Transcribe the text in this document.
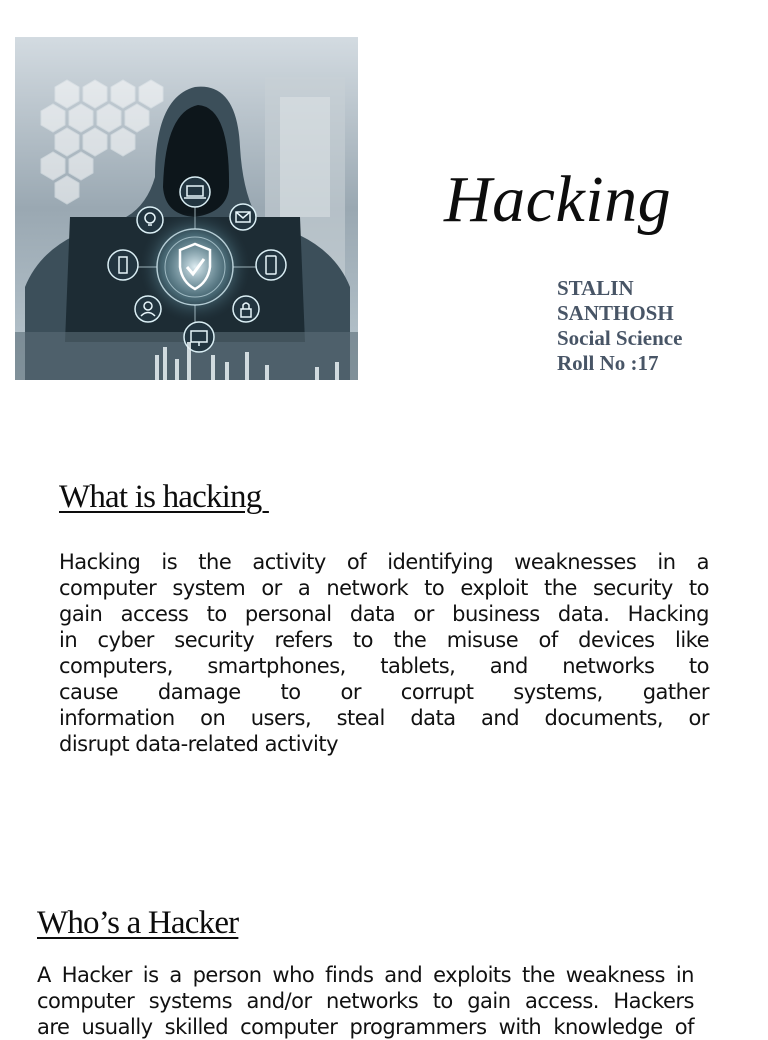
Hacking
STALIN
SANTHOSH
Social Science
Roll No :17
What is hacking
Hacking is the activity of identifying weaknesses in a
computer system or a network to exploit the security to
gain access to personal data or business data. Hacking
in cyber security refers to the misuse of devices like
computers, smartphones, tablets, and networks to
cause damage to or corrupt systems, gather
information on users, steal data and documents, or
disrupt data-related activity
Who’s a Hacker
A Hacker is a person who finds and exploits the weakness in
computer systems and/or networks to gain access. Hackers
are usually skilled computer programmers with knowledge of
